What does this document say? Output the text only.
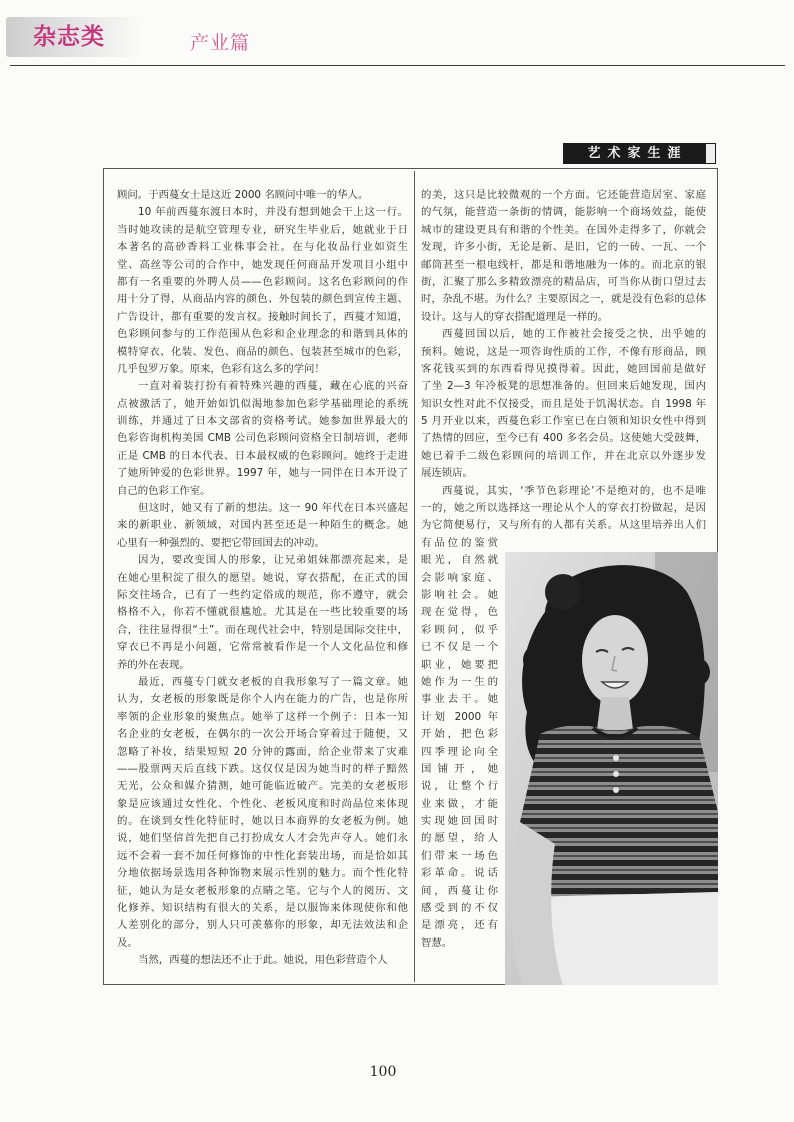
杂志类	产业篇
艺术家生涯
顾问。于西蔓女士是这近 2000 名顾问中唯一的华人。
10 年前西蔓东渡日本时，并没有想到她会干上这一行。
当时她攻读的是航空管理专业，研究生毕业后，她就业于日
本著名的高砂香料工业株事会社。在与化妆品行业如资生
堂、高丝等公司的合作中，她发现任何商品开发项目小组中
都有一名重要的外聘人员——色彩顾问。这名色彩顾问的作
用十分了得，从商品内容的颜色、外包装的颜色到宣传主题、
广告设计，都有重要的发言权。接触时间长了，西蔓才知道，
色彩顾问参与的工作范围从色彩和企业理念的和谐到具体的
模特穿衣、化装、发色、商品的颜色、包装甚至城市的色彩，
几乎包罗万象。原来，色彩有这么多的学问！
一直对着装打扮有着特殊兴趣的西蔓，藏在心底的兴奋
点被激活了，她开始如饥似渴地参加色彩学基础理论的系统
训练，并通过了日本文部省的资格考试。她参加世界最大的
色彩咨询机构美国 CMB 公司色彩顾问资格全日制培训，老师
正是 CMB 的日本代表、日本最权威的色彩顾问。她终于走进
了她所钟爱的色彩世界。1997 年，她与一同伴在日本开设了
自己的色彩工作室。
但这时，她又有了新的想法。这一 90 年代在日本兴盛起
来的新职业、新领域，对国内甚至还是一种陌生的概念。她
心里有一种强烈的、要把它带回国去的冲动。
因为，要改变国人的形象，让兄弟姐妹都漂亮起来，是
在她心里积淀了很久的愿望。她说，穿衣搭配，在正式的国
际交往场合，已有了一些约定俗成的规范，你不遵守，就会
格格不入，你若不懂就很尴尬。尤其是在一些比较重要的场
合，往往显得很“土”。而在现代社会中，特别是国际交往中，
穿衣已不再是小问题，它常常被看作是一个人文化品位和修
养的外在表现。
最近，西蔓专门就女老板的自我形象写了一篇文章。她
认为，女老板的形象既是你个人内在能力的广告，也是你所
率领的企业形象的聚焦点。她举了这样一个例子：日本一知
名企业的女老板，在偶尔的一次公开场合穿着过于随便，又
忽略了补妆，结果短短 20 分钟的露面，给企业带来了灾难
——股票两天后直线下跌。这仅仅是因为她当时的样子黯然
无光，公众和媒介猜测，她可能临近破产。完美的女老板形
象是应该通过女性化、个性化、老板风度和时尚品位来体现
的。在谈到女性化特征时，她以日本商界的女老板为例。她
说，她们坚信首先把自己打扮成女人才会先声夺人。她们永
远不会着一套不加任何修饰的中性化套装出场，而是恰如其
分地依据场景选用各种饰物来展示性别的魅力。而个性化特
征，她认为是女老板形象的点睛之笔。它与个人的阅历、文
化修养、知识结构有很大的关系，是以服饰来体现使你和他
人差别化的部分，别人只可羡慕你的形象，却无法效法和企
及。
当然，西蔓的想法还不止于此。她说，用色彩营造个人
的美，这只是比较微观的一个方面。它还能营造居室、家庭
的气氛，能营造一条街的情调，能影响一个商场效益，能使
城市的建设更具有和谐的个性美。在国外走得多了，你就会
发现，许多小街，无论是新、是旧，它的一砖、一瓦、一个
邮筒甚至一根电线杆，都是和谐地融为一体的。而北京的银
街，汇聚了那么多精致漂亮的精品店，可当你从街口望过去
时，杂乱不堪。为什么？主要原因之一，就是没有色彩的总体
设计。这与人的穿衣搭配道理是一样的。
西蔓回国以后，她的工作被社会接受之快，出乎她的
预料。她说，这是一项咨询性质的工作，不像有形商品，顾
客花钱买到的东西看得见摸得着。因此，她回国前是做好
了坐 2—3 年冷板凳的思想准备的。但回来后她发现，国内
知识女性对此不仅接受，而且是处于饥渴状态。自 1998 年
5 月开业以来，西蔓色彩工作室已在白领和知识女性中得到
了热情的回应，至今已有 400 多名会员。这使她大受鼓舞，
她已着手二级色彩顾问的培训工作，并在北京以外逐步发
展连锁店。
西蔓说，其实，‘季节色彩理论’不是绝对的，也不是唯
一的，她之所以选择这一理论从个人的穿衣打扮做起，是因
为它简便易行，又与所有的人都有关系。从这里培养出人们
有品位的鉴赏
眼光，自然就
会影响家庭、
影响社会。她
现在觉得，色
彩顾问，似乎
已不仅是一个
职业，她要把
她作为一生的
事业去干。她
计划 2000 年
开始，把色彩
四季理论向全
国铺开，她
说，让整个行
业来做，才能
实现她回国时
的愿望，给人
们带来一场色
彩革命。说话
间，西蔓让你
感受到的不仅
是漂亮，还有
智慧。
100
